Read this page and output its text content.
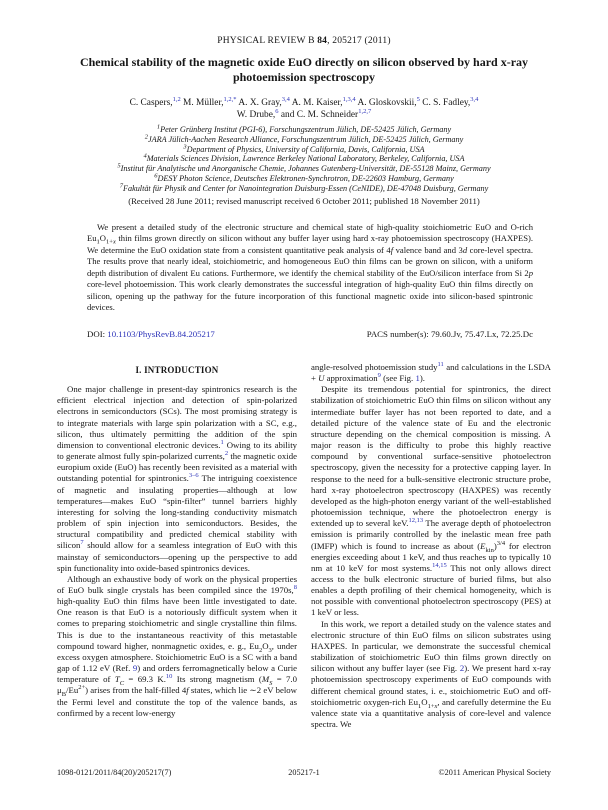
PHYSICAL REVIEW B 84, 205217 (2011)
Chemical stability of the magnetic oxide EuO directly on silicon observed by hard x-ray photoemission spectroscopy
C. Caspers,$^{1,2}$ M. Müller,$^{1,2,*}$ A. X. Gray,$^{3,4}$ A. M. Kaiser,$^{1,3,4}$ A. Gloskovskii,$^5$ C. S. Fadley,$^{3,4}$
W. Drube,$^6$ and C. M. Schneider$^{1,2,7}$
$^1$Peter Grünberg Institut (PGI-6), Forschungszentrum Jülich, DE-52425 Jülich, Germany
$^2$JARA Jülich-Aachen Research Alliance, Forschungszentrum Jülich, DE-52425 Jülich, Germany
$^3$Department of Physics, University of California, Davis, California, USA
$^4$Materials Sciences Division, Lawrence Berkeley National Laboratory, Berkeley, California, USA
$^5$Institut für Analytische und Anorganische Chemie, Johannes Gutenberg-Universität, DE-55128 Mainz, Germany
$^6$DESY Photon Science, Deutsches Elektronen-Synchrotron, DE-22603 Hamburg, Germany
$^7$Fakultät für Physik and Center for Nanointegration Duisburg-Essen (CeNIDE), DE-47048 Duisburg, Germany
(Received 28 June 2011; revised manuscript received 6 October 2011; published 18 November 2011)

We present a detailed study of the electronic structure and chemical state of high-quality stoichiometric EuO and O-rich $Eu_1O_{1+x}$ thin films grown directly on silicon without any buffer layer using hard x-ray photoemission spectroscopy (HAXPES). We determine the EuO oxidation state from a consistent quantitative peak analysis of 4f valence band and 3d core-level spectra. The results prove that nearly ideal, stoichiometric, and homogeneous EuO thin films can be grown on silicon, with a uniform depth distribution of divalent Eu cations. Furthermore, we identify the chemical stability of the EuO/silicon interface from Si 2p core-level photoemission. This work clearly demonstrates the successful integration of high-quality EuO thin films directly on silicon, opening up the pathway for the future incorporation of this functional magnetic oxide into silicon-based spintronic devices.

DOI: 10.1103/PhysRevB.84.205217	PACS number(s): 79.60.Jv, 75.47.Lx, 72.25.Dc
I. INTRODUCTION

One major challenge in present-day spintronics research is the efficient electrical injection and detection of spin-polarized electrons in semiconductors (SCs). The most promising strategy is to integrate materials with large spin polarization with a SC, e.g., silicon, thus ultimately permitting the addition of the spin dimension to conventional electronic devices.$^1$ Owing to its ability to generate almost fully spin-polarized currents,$^2$ the magnetic oxide europium oxide (EuO) has recently been revisited as a material with outstanding potential for spintronics.$^{3-6}$ The intriguing coexistence of magnetic and insulating properties—although at low temperatures—makes EuO “spin-filter” tunnel barriers highly interesting for solving the long-standing conductivity mismatch problem of spin injection into semiconductors. Besides, the structural compatibility and predicted chemical stability with silicon$^7$ should allow for a seamless integration of EuO with this mainstay of semiconductors—opening up the perspective to add spin functionality into oxide-based spintronics devices.

Although an exhaustive body of work on the physical properties of EuO bulk single crystals has been compiled since the 1970s,$^8$ high-quality EuO thin films have been little investigated to date. One reason is that EuO is a notoriously difficult system when it comes to preparing stoichiometric and single crystalline thin films. This is due to the instantaneous reactivity of this metastable compound toward higher, nonmagnetic oxides, e. g., $Eu_2O_3$, under excess oxygen atmosphere. Stoichiometric EuO is a SC with a band gap of 1.12 eV (Ref. 9) and orders ferromagnetically below a Curie temperature of $T_C = 69.3$ K.$^{10}$ Its strong magnetism ($M_S = 7.0$ $\mu_B/Eu^{2+}$) arises from the half-filled 4f states, which lie ∼2 eV below the Fermi level and constitute the top of the valence bands, as confirmed by a recent low-energy

angle-resolved photoemission study$^{11}$ and calculations in the LSDA + U approximation$^9$ (see Fig. 1).

Despite its tremendous potential for spintronics, the direct stabilization of stoichiometric EuO thin films on silicon without any intermediate buffer layer has not been reported to date, and a detailed picture of the valence state of Eu and the electronic structure depending on the chemical composition is missing. A major reason is the difficulty to probe this highly reactive compound by conventional surface-sensitive photoelectron spectroscopy, given the necessity for a protective capping layer. In response to the need for a bulk-sensitive electronic structure probe, hard x-ray photoelectron spectroscopy (HAXPES) was recently developed as the high-photon energy variant of the well-established photoemission technique, where the photoelectron energy is extended up to several keV.$^{12,13}$ The average depth of photoelectron emission is primarily controlled by the inelastic mean free path (IMFP) which is found to increase as about $(E_{kin})^{3/4}$ for electron energies exceeding about 1 keV, and thus reaches up to typically 10 nm at 10 keV for most systems.$^{14,15}$ This not only allows direct access to the bulk electronic structure of buried films, but also enables a depth profiling of their chemical homogeneity, which is not possible with conventional photoelectron spectroscopy (PES) at 1 keV or less.

In this work, we report a detailed study on the valence states and electronic structure of thin EuO films on silicon substrates using HAXPES. In particular, we demonstrate the successful chemical stabilization of stoichiometric EuO thin films grown directly on silicon without any buffer layer (see Fig. 2). We present hard x-ray photoemission spectroscopy experiments of EuO compounds with different chemical ground states, i. e., stoichiometric EuO and off-stoichiometric oxygen-rich $Eu_1O_{1+x}$, and carefully determine the Eu valence state via a quantitative analysis of core-level and valence spectra. We

205217-1
1098-0121/2011/84(20)/205217(7)	©2011 American Physical Society
